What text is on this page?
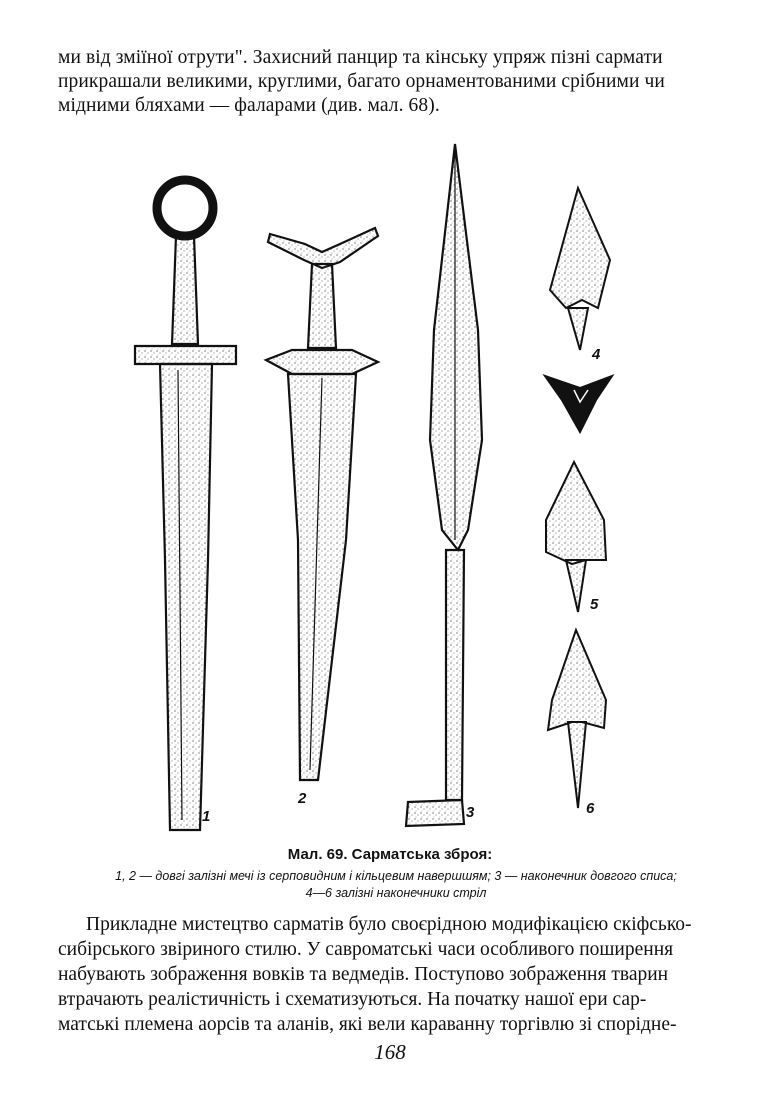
ми від зміїної отрути". Захисний панцир та кінську упряж пізні сармати

прикрашали великими, круглими, багато орнаментованими срібними чи

мідними бляхами — фаларами (див. мал. 68).

1
2
3
4
5
6
Мал. 69. Сарматська зброя:
1, 2 — довгі залізні мечі із серповидним і кільцевим навершшям; 3 — наконечник довгого списа;
4—6 залізні наконечники стріл

Прикладне мистецтво сарматів було своєрідною модифікацією скіфсько-

сибірського звіриного стилю. У савроматські часи особливого поширення

набувають зображення вовків та ведмедів. Поступово зображення тварин

втрачають реалістичність і схематизуються. На початку нашої ери сар-

матські племена аорсів та аланів, які вели караванну торгівлю зі спорідне-

168
